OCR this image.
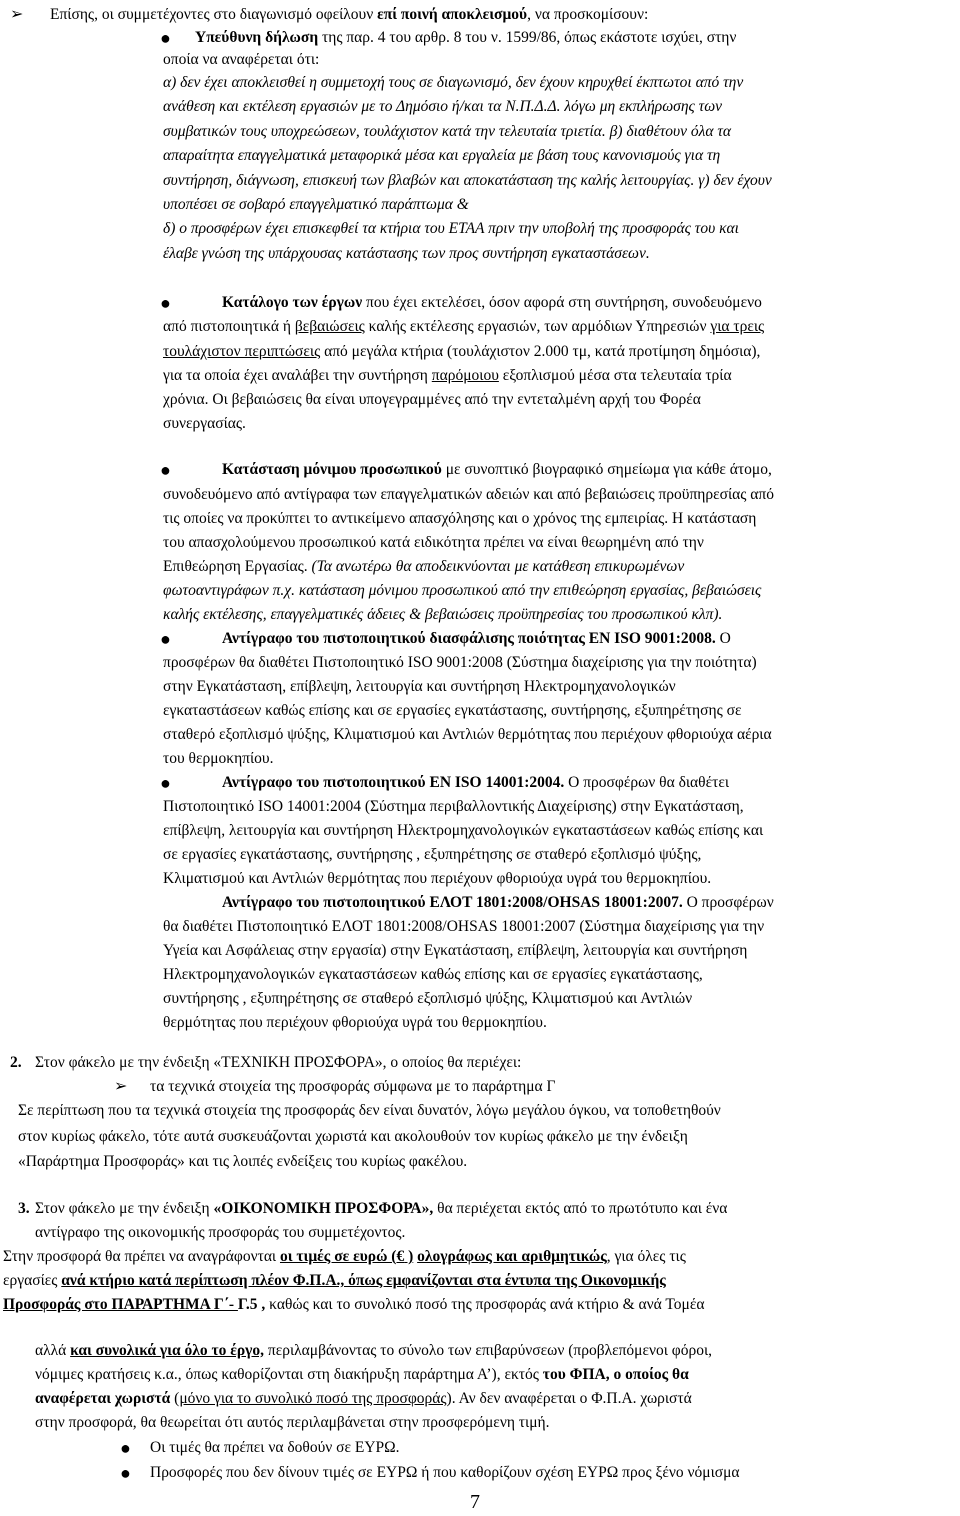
➢ Επίσης, οι συμμετέχοντες στο διαγωνισμό οφείλουν επί ποινή αποκλεισμού, να προσκομίσουν:
● Υπεύθυνη δήλωση της παρ. 4 του αρθρ. 8 του ν. 1599/86, όπως εκάστοτε ισχύει, στην
οποία να αναφέρεται ότι:
α) δεν έχει αποκλεισθεί η συμμετοχή τους σε διαγωνισμό, δεν έχουν κηρυχθεί έκπτωτοι από την
ανάθεση και εκτέλεση εργασιών με το Δημόσιο ή/και τα Ν.Π.Δ.Δ. λόγω μη εκπλήρωσης των
συμβατικών τους υποχρεώσεων, τουλάχιστον κατά την τελευταία τριετία. β) διαθέτουν όλα τα
απαραίτητα επαγγελματικά μεταφορικά μέσα και εργαλεία με βάση τους κανονισμούς για τη
συντήρηση, διάγνωση, επισκευή των βλαβών και αποκατάσταση της καλής λειτουργίας. γ) δεν έχουν
υποπέσει σε σοβαρό επαγγελματικό παράπτωμα &
δ) ο προσφέρων έχει επισκεφθεί τα κτήρια του ΕΤΑΑ πριν την υποβολή της προσφοράς του και
έλαβε γνώση της υπάρχουσας κατάστασης των προς συντήρηση εγκαταστάσεων.
●	Κατάλογο των έργων που έχει εκτελέσει, όσον αφορά στη συντήρηση, συνοδευόμενο
από πιστοποιητικά ή βεβαιώσεις καλής εκτέλεσης εργασιών, των αρμόδιων Υπηρεσιών για τρεις
τουλάχιστον περιπτώσεις από μεγάλα κτήρια (τουλάχιστον 2.000 τμ, κατά προτίμηση δημόσια),
για τα οποία έχει αναλάβει την συντήρηση παρόμοιου εξοπλισμού μέσα στα τελευταία τρία
χρόνια. Οι βεβαιώσεις θα είναι υπογεγραμμένες από την εντεταλμένη αρχή του Φορέα
συνεργασίας.
●	Κατάσταση μόνιμου προσωπικού με συνοπτικό βιογραφικό σημείωμα για κάθε άτομο,
συνοδευόμενο από αντίγραφα των επαγγελματικών αδειών και από βεβαιώσεις προϋπηρεσίας από
τις οποίες να προκύπτει το αντικείμενο απασχόλησης και ο χρόνος της εμπειρίας. Η κατάσταση
του απασχολούμενου προσωπικού κατά ειδικότητα πρέπει να είναι θεωρημένη από την
Επιθεώρηση Εργασίας. (Τα ανωτέρω θα αποδεικνύονται με κατάθεση επικυρωμένων
φωτοαντιγράφων π.χ. κατάσταση μόνιμου προσωπικού από την επιθεώρηση εργασίας, βεβαιώσεις
καλής εκτέλεσης, επαγγελματικές άδειες & βεβαιώσεις προϋπηρεσίας του προσωπικού κλπ).
●	Αντίγραφο του πιστοποιητικού διασφάλισης ποιότητας ΕΝ ISO 9001:2008. Ο
προσφέρων θα διαθέτει Πιστοποιητικό ISO 9001:2008 (Σύστημα διαχείρισης για την ποιότητα)
στην Εγκατάσταση, επίβλεψη, λειτουργία και συντήρηση Ηλεκτρομηχανολογικών
εγκαταστάσεων καθώς επίσης και σε εργασίες εγκατάστασης, συντήρησης, εξυπηρέτησης σε
σταθερό εξοπλισμό ψύξης, Κλιματισμού και Αντλιών θερμότητας που περιέχουν φθοριούχα αέρια
του θερμοκηπίου.
●	Αντίγραφο του πιστοποιητικού ΕΝ ISO 14001:2004. Ο προσφέρων θα διαθέτει
Πιστοποιητικό ISO 14001:2004 (Σύστημα περιβαλλοντικής Διαχείρισης) στην Εγκατάσταση,
επίβλεψη, λειτουργία και συντήρηση Ηλεκτρομηχανολογικών εγκαταστάσεων καθώς επίσης και
σε εργασίες εγκατάστασης, συντήρησης , εξυπηρέτησης σε σταθερό εξοπλισμό ψύξης,
Κλιματισμού και Αντλιών θερμότητας που περιέχουν φθοριούχα υγρά του θερμοκηπίου.
Αντίγραφο του πιστοποιητικού ΕΛΟΤ 1801:2008/OHSAS 18001:2007. Ο προσφέρων
θα διαθέτει Πιστοποιητικό ΕΛΟΤ 1801:2008/OHSAS 18001:2007 (Σύστημα διαχείρισης για την
Υγεία και Ασφάλειας στην εργασία) στην Εγκατάσταση, επίβλεψη, λειτουργία και συντήρηση
Ηλεκτρομηχανολογικών εγκαταστάσεων καθώς επίσης και σε εργασίες εγκατάστασης,
συντήρησης , εξυπηρέτησης σε σταθερό εξοπλισμό ψύξης, Κλιματισμού και Αντλιών
θερμότητας που περιέχουν φθοριούχα υγρά του θερμοκηπίου.
2. Στον φάκελο με την ένδειξη «ΤΕΧΝΙΚΗ ΠΡΟΣΦΟΡΑ», ο οποίος θα περιέχει:
➢ τα τεχνικά στοιχεία της προσφοράς σύμφωνα με το παράρτημα Γ
Σε περίπτωση που τα τεχνικά στοιχεία της προσφοράς δεν είναι δυνατόν, λόγω μεγάλου όγκου, να τοποθετηθούν
στον κυρίως φάκελο, τότε αυτά συσκευάζονται χωριστά και ακολουθούν τον κυρίως φάκελο με την ένδειξη
«Παράρτημα Προσφοράς» και τις λοιπές ενδείξεις του κυρίως φακέλου.
3. Στον φάκελο με την ένδειξη «ΟΙΚΟΝΟΜΙΚΗ ΠΡΟΣΦΟΡΑ», θα περιέχεται εκτός από το πρωτότυπο και ένα
αντίγραφο της οικονομικής προσφοράς του συμμετέχοντος.
Στην προσφορά θα πρέπει να αναγράφονται οι τιμές σε ευρώ (€ ) ολογράφως και αριθμητικώς, για όλες τις
εργασίες ανά κτήριο κατά περίπτωση πλέον Φ.Π.Α., όπως εμφανίζονται στα έντυπα της Οικονομικής
Προσφοράς στο ΠΑΡΑΡΤΗΜΑ Γ΄- Γ.5 , καθώς και το συνολικό ποσό της προσφοράς ανά κτήριο & ανά Τομέα
αλλά και συνολικά για όλο το έργο, περιλαμβάνοντας το σύνολο των επιβαρύνσεων (προβλεπόμενοι φόροι,
νόμιμες κρατήσεις κ.α., όπως καθορίζονται στη διακήρυξη παράρτημα Α’), εκτός του ΦΠΑ, ο οποίος θα
αναφέρεται χωριστά (μόνο για το συνολικό ποσό της προσφοράς). Αν δεν αναφέρεται ο Φ.Π.Α. χωριστά
στην προσφορά, θα θεωρείται ότι αυτός περιλαμβάνεται στην προσφερόμενη τιμή.
● Οι τιμές θα πρέπει να δοθούν σε ΕΥΡΩ.
● Προσφορές που δεν δίνουν τιμές σε ΕΥΡΩ ή που καθορίζουν σχέση ΕΥΡΩ προς ξένο νόμισμα
7
